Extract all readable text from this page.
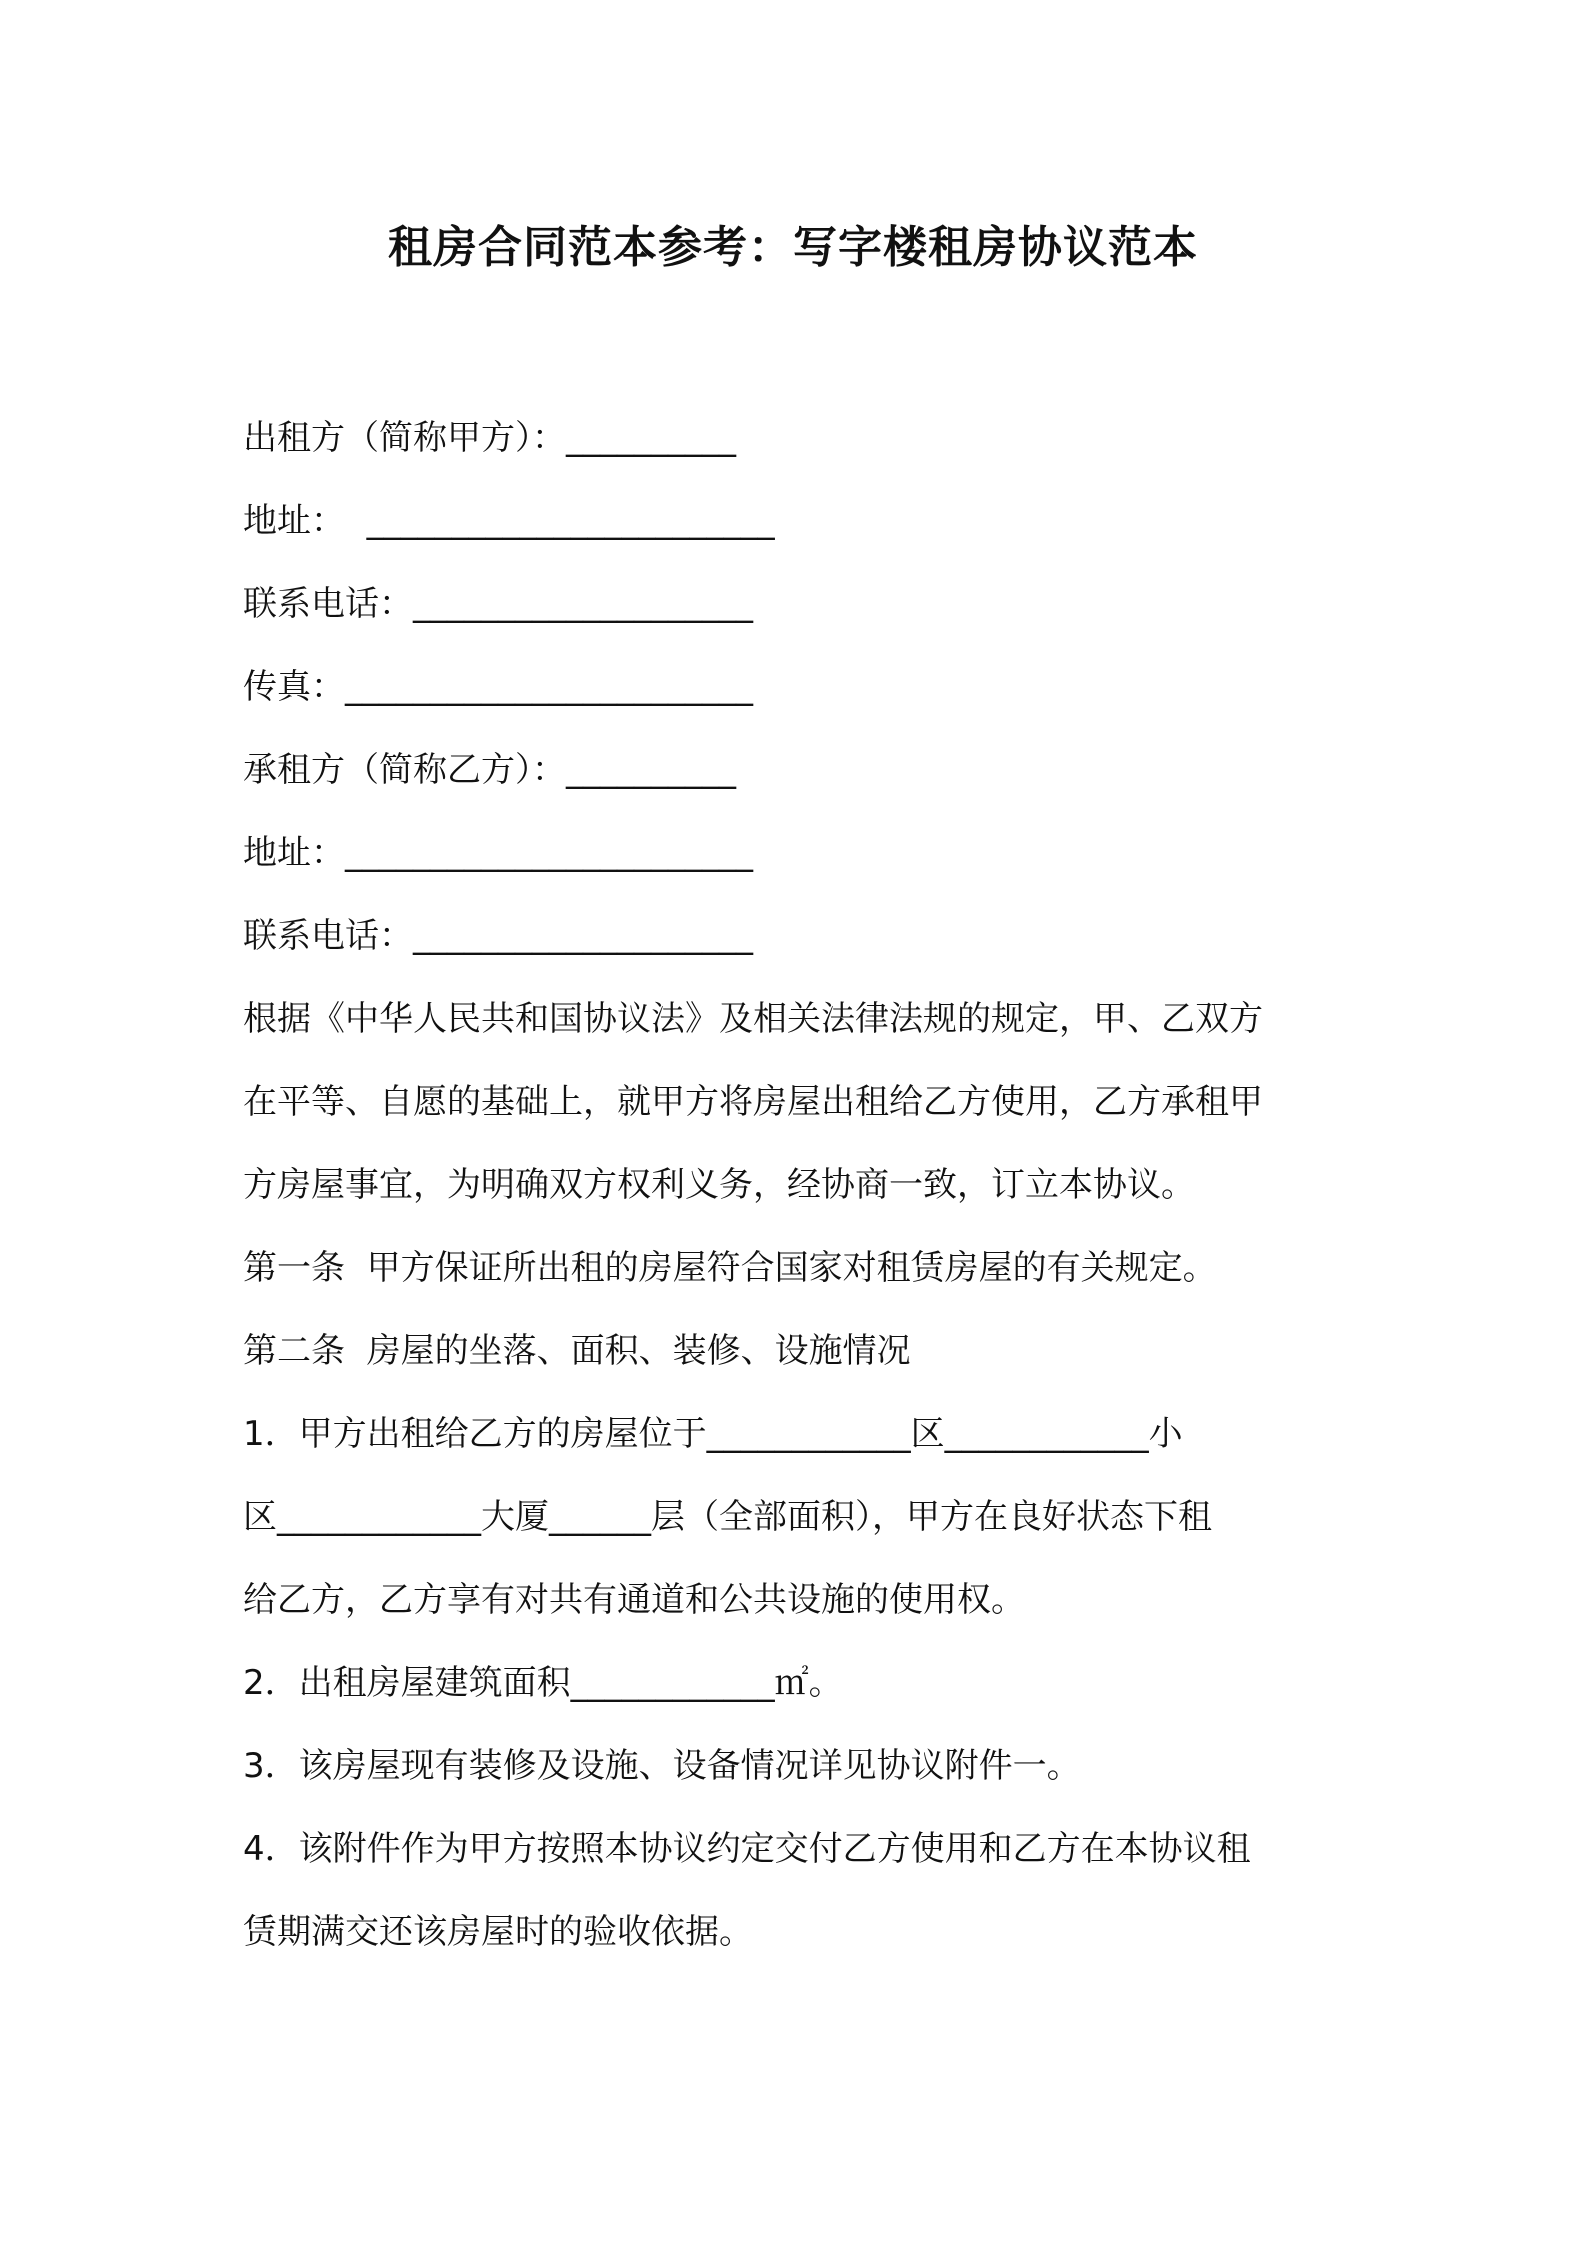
租房合同范本参考：写字楼租房协议范本

出租方（简称甲方）：__________

地址：  ________________________

联系电话：____________________

传真：________________________

承租方（简称乙方）：__________

地址：________________________

联系电话：____________________

根据《中华人民共和国协议法》及相关法律法规的规定，甲、乙双方

在平等、自愿的基础上，就甲方将房屋出租给乙方使用，乙方承租甲

方房屋事宜，为明确双方权利义务，经协商一致，订立本协议。

第一条  甲方保证所出租的房屋符合国家对租赁房屋的有关规定。

第二条  房屋的坐落、面积、装修、设施情况

1．甲方出租给乙方的房屋位于____________区____________小

区____________大厦______层（全部面积），甲方在良好状态下租

给乙方，乙方享有对共有通道和公共设施的使用权。

2．出租房屋建筑面积____________㎡。

3．该房屋现有装修及设施、设备情况详见协议附件一。

4．该附件作为甲方按照本协议约定交付乙方使用和乙方在本协议租

赁期满交还该房屋时的验收依据。
